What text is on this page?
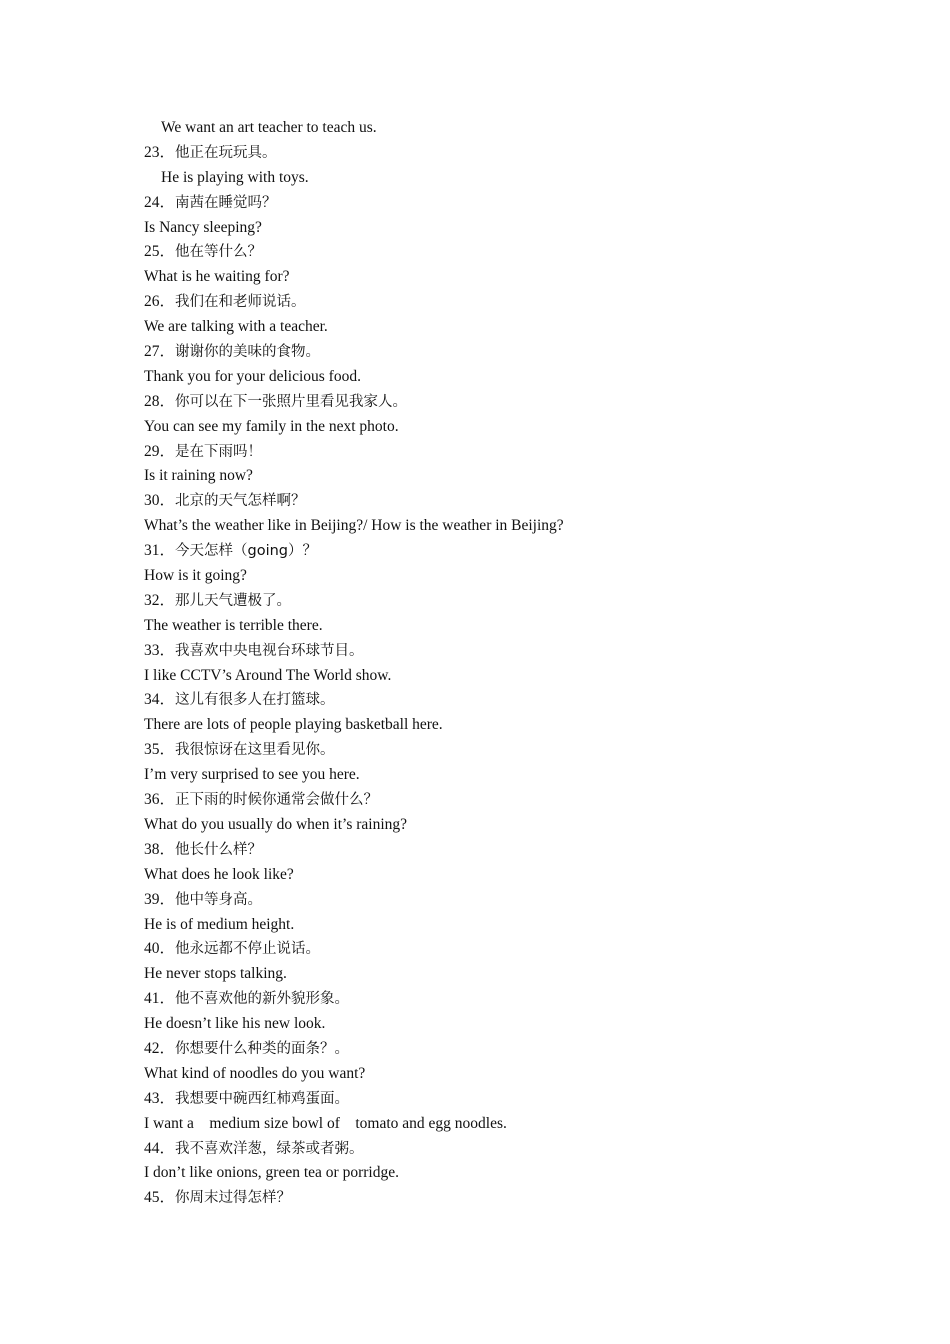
We want an art teacher to teach us.
23．他正在玩玩具。
He is playing with toys.
24．南茜在睡觉吗？
Is Nancy sleeping?
25．他在等什么？
What is he waiting for?
26．我们在和老师说话。
We are talking with a teacher.
27．谢谢你的美味的食物。
Thank you for your delicious food.
28．你可以在下一张照片里看见我家人。
You can see my family in the next photo.
29．是在下雨吗！
Is it raining now?
30．北京的天气怎样啊？
What’s the weather like in Beijing?/ How is the weather in Beijing?
31．今天怎样（going）？
How is it going?
32．那儿天气遭极了。
The weather is terrible there.
33．我喜欢中央电视台环球节目。
I like CCTV’s Around The World show.
34．这儿有很多人在打篮球。
There are lots of people playing basketball here.
35．我很惊讶在这里看见你。
I’m very surprised to see you here.
36．正下雨的时候你通常会做什么？
What do you usually do when it’s raining?
38．他长什么样？
What does he look like?
39．他中等身高。
He is of medium height.
40．他永远都不停止说话。
He never stops talking.
41．他不喜欢他的新外貌形象。
He doesn’t like his new look.
42．你想要什么种类的面条？。
What kind of noodles do you want?
43．我想要中碗西红柿鸡蛋面。
I want a    medium size bowl of    tomato and egg noodles.
44．我不喜欢洋葱，绿茶或者粥。
I don’t like onions, green tea or porridge.
45．你周末过得怎样？
